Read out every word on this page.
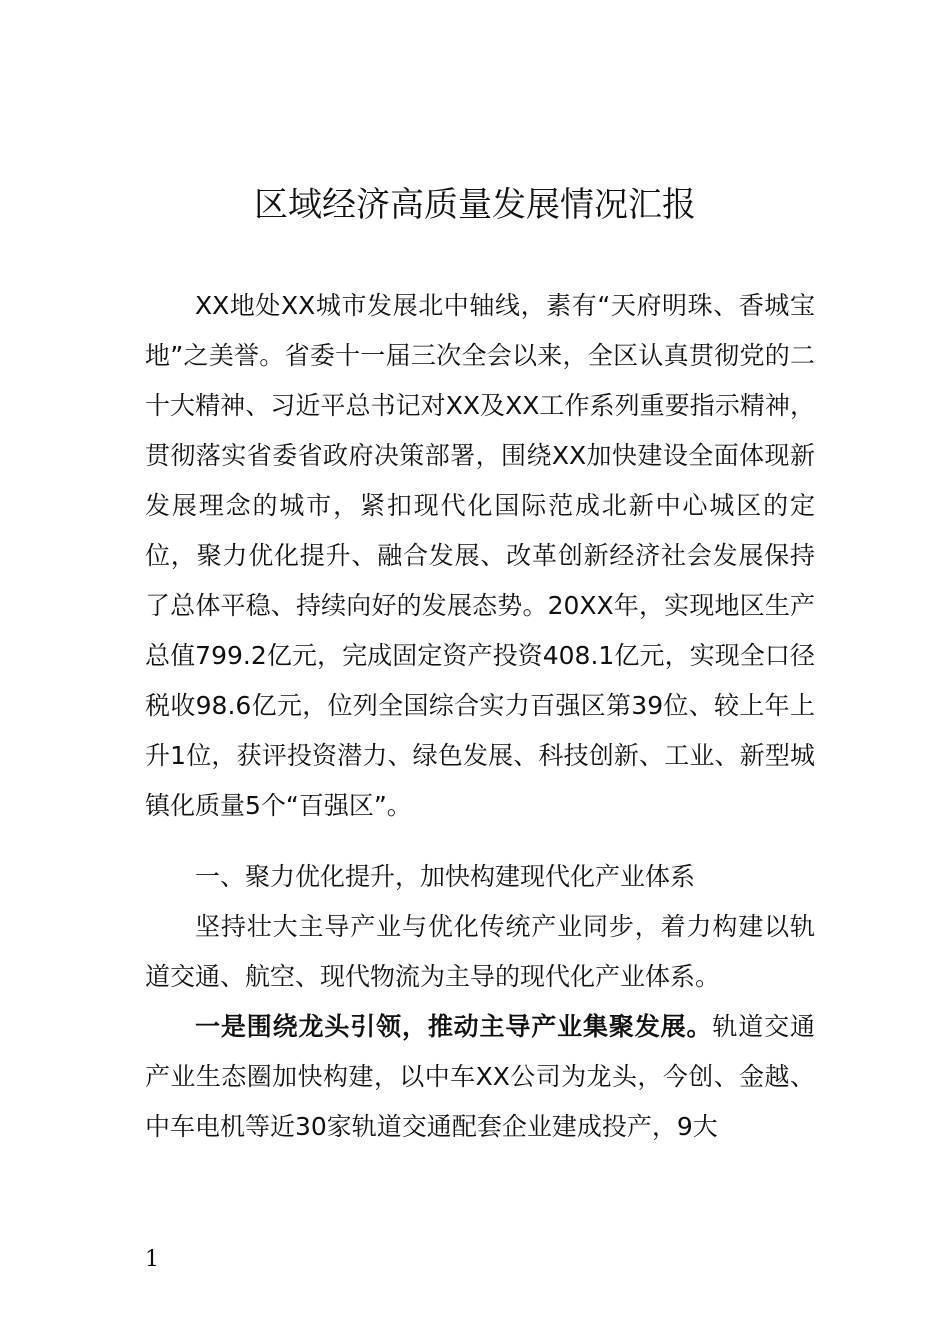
区域经济高质量发展情况汇报
XX地处XX城市发展北中轴线，素有“天府明珠、香城宝地”之美誉。省委十一届三次全会以来，全区认真贯彻党的二十大精神、习近平总书记对XX及XX工作系列重要指示精神，贯彻落实省委省政府决策部署，围绕XX加快建设全面体现新发展理念的城市，紧扣现代化国际范成北新中心城区的定位，聚力优化提升、融合发展、改革创新经济社会发展保持了总体平稳、持续向好的发展态势。20XX年，实现地区生产总值799.2亿元，完成固定资产投资408.1亿元，实现全口径税收98.6亿元，位列全国综合实力百强区第39位、较上年上升1位，获评投资潜力、绿色发展、科技创新、工业、新型城镇化质量5个“百强区”。
一、聚力优化提升，加快构建现代化产业体系
坚持壮大主导产业与优化传统产业同步，着力构建以轨道交通、航空、现代物流为主导的现代化产业体系。
一是围绕龙头引领，推动主导产业集聚发展。轨道交通产业生态圈加快构建，以中车XX公司为龙头，今创、金越、中车电机等近30家轨道交通配套企业建成投产，9大
1
